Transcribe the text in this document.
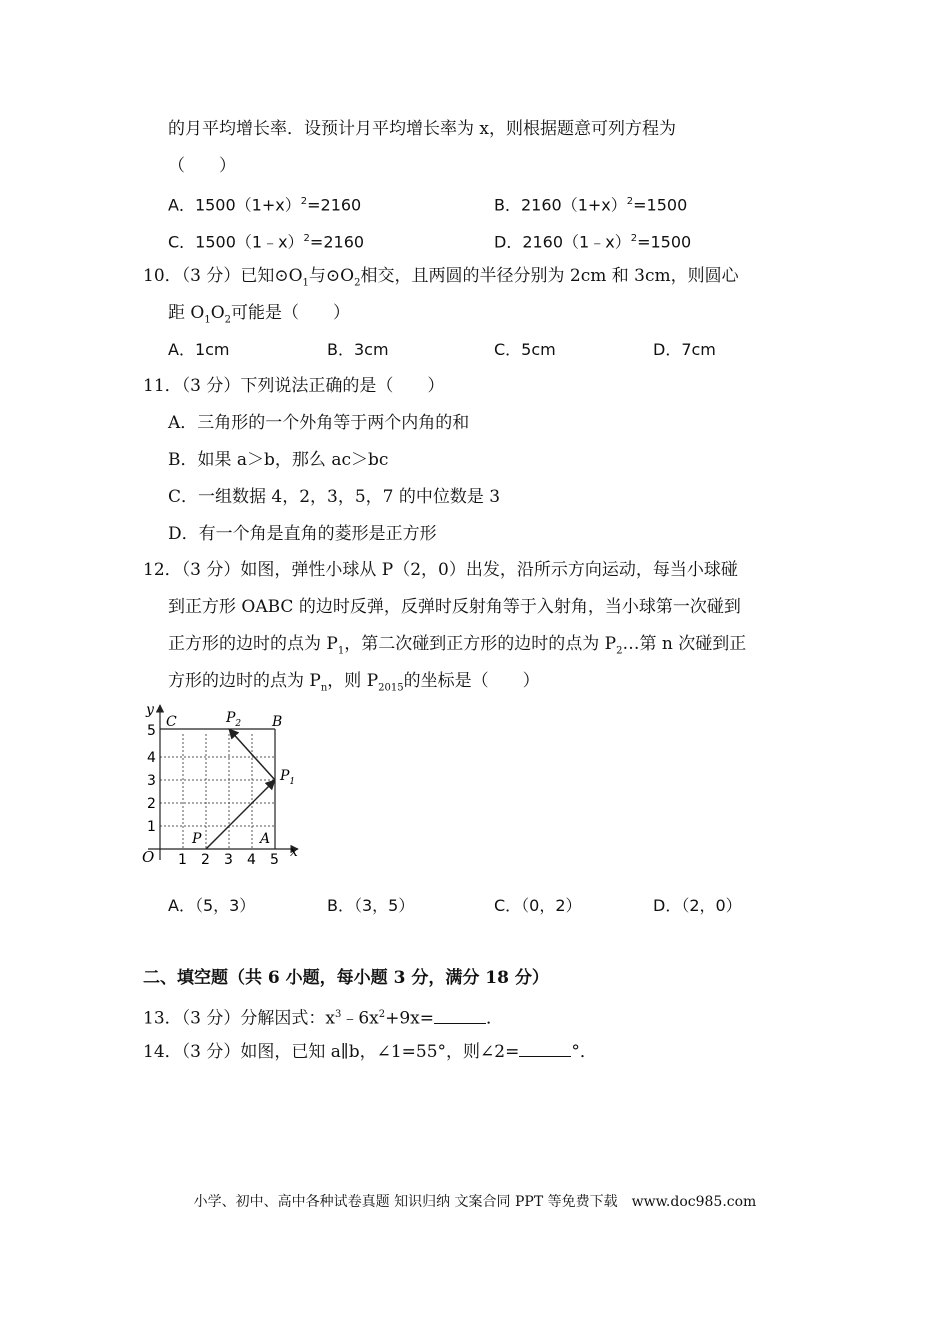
的月平均增长率．设预计月平均增长率为 x，则根据题意可列方程为
（　　）
A．$1500(1+x)^2=2160$	B．$2160(1+x)^2=1500$
C．1500（1﹣x）$^2$=2160	D．2160（1﹣x）$^2$=1500
10．（3 分）已知$⊙O_1$与$⊙O_2$相交，且两圆的半径分别为 2cm 和 3cm，则圆心
距 $O_1O_2$可能是（　　）
A．1cm	B．3cm	C．5cm	D．7cm
11．（3 分）下列说法正确的是（　　）
A．三角形的一个外角等于两个内角的和
B．如果 a＞b，那么 ac＞bc
C．一组数据 4，2，3，5，7 的中位数是 3
D．有一个角是直角的菱形是正方形
12．（3 分）如图，弹性小球从 P（2，0）出发，沿所示方向运动，每当小球碰
到正方形 OABC 的边时反弹，反弹时反射角等于入射角，当小球第一次碰到
正方形的边时的点为 $P_1$，第二次碰到正方形的边时的点为 $P_2\dots$第 n 次碰到正
方形的边时的点为 $P_n$，则 $P_{2015}$的坐标是（　　）
y
x
O
C	B
A
P
$P_1$
$P_2$
1 2 3 4 5
1
2
3
4
5
A．（5，3）	B．（3，5）	C．（0，2）	D．（2，0）
二、填空题（共 6 小题，每小题 3 分，满分 18 分）
13．（3 分）分解因式：$x^3﹣6x^2+9x=$	．
14．（3 分）如图，已知 a∥b，∠1=55°，则∠2=	°．
小学、初中、高中各种试卷真题 知识归纳 文案合同 PPT 等免费下载　www.doc985.com
